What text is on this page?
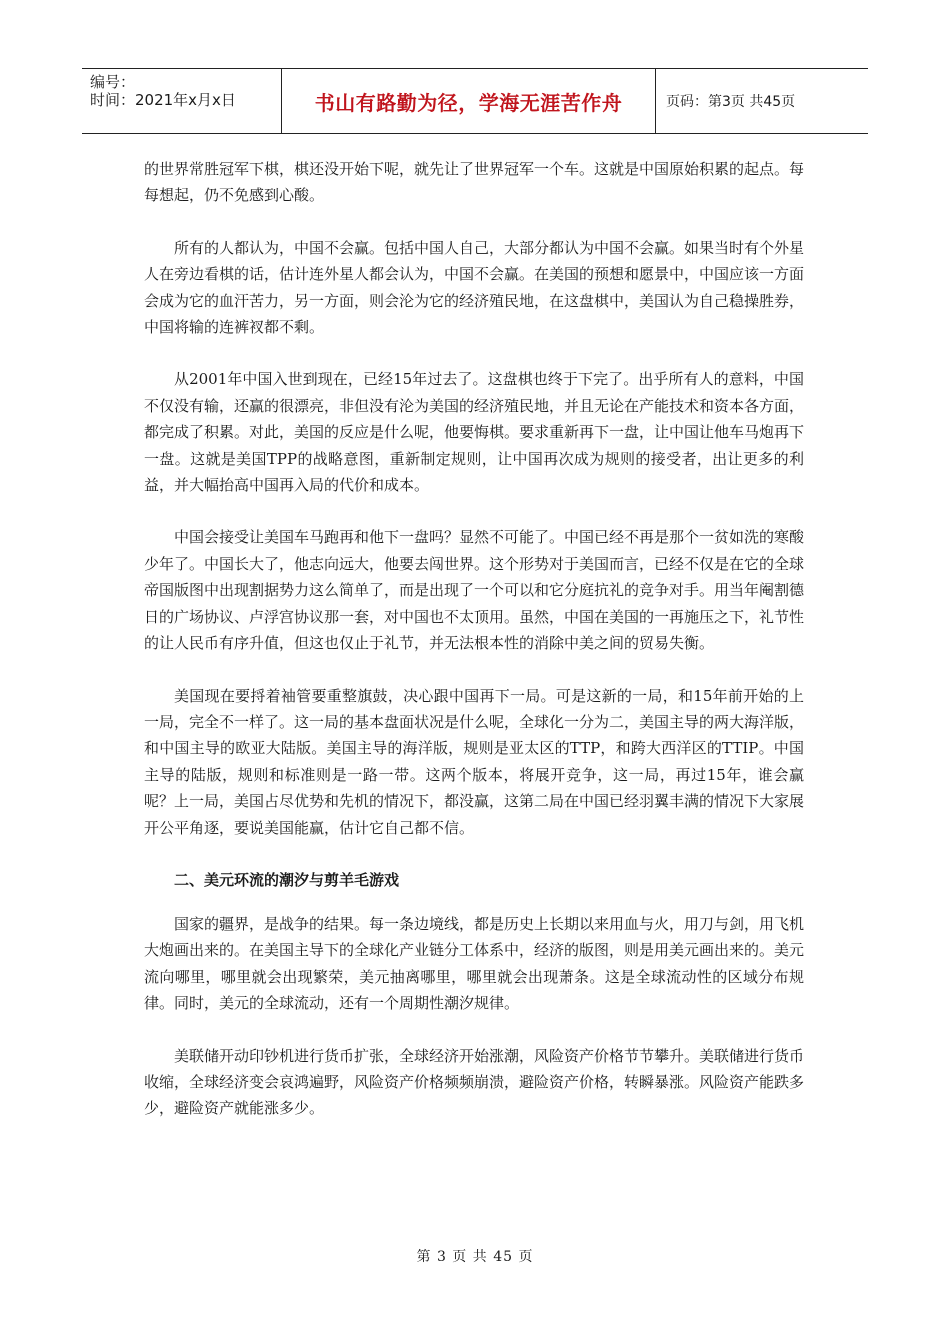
编号：
时间：2021年x月x日	书山有路勤为径，学海无涯苦作舟	页码：第3页 共45页

的世界常胜冠军下棋，棋还没开始下呢，就先让了世界冠军一个车。这就是中国原始积累的起点。每每想起，仍不免感到心酸。

所有的人都认为，中国不会赢。包括中国人自己，大部分都认为中国不会赢。如果当时有个外星人在旁边看棋的话，估计连外星人都会认为，中国不会赢。在美国的预想和愿景中，中国应该一方面会成为它的血汗苦力，另一方面，则会沦为它的经济殖民地，在这盘棋中，美国认为自己稳操胜券，中国将输的连裤衩都不剩。

从2001年中国入世到现在，已经15年过去了。这盘棋也终于下完了。出乎所有人的意料，中国不仅没有输，还赢的很漂亮，非但没有沦为美国的经济殖民地，并且无论在产能技术和资本各方面，都完成了积累。对此，美国的反应是什么呢，他要悔棋。要求重新再下一盘，让中国让他车马炮再下一盘。这就是美国TPP的战略意图，重新制定规则，让中国再次成为规则的接受者，出让更多的利益，并大幅抬高中国再入局的代价和成本。

中国会接受让美国车马跑再和他下一盘吗？显然不可能了。中国已经不再是那个一贫如洗的寒酸少年了。中国长大了，他志向远大，他要去闯世界。这个形势对于美国而言，已经不仅是在它的全球帝国版图中出现割据势力这么简单了，而是出现了一个可以和它分庭抗礼的竞争对手。用当年阉割德日的广场协议、卢浮宫协议那一套，对中国也不太顶用。虽然，中国在美国的一再施压之下，礼节性的让人民币有序升值，但这也仅止于礼节，并无法根本性的消除中美之间的贸易失衡。

美国现在要捋着袖管要重整旗鼓，决心跟中国再下一局。可是这新的一局，和15年前开始的上一局，完全不一样了。这一局的基本盘面状况是什么呢，全球化一分为二，美国主导的两大海洋版，和中国主导的欧亚大陆版。美国主导的海洋版，规则是亚太区的TTP，和跨大西洋区的TTIP。中国主导的陆版，规则和标准则是一路一带。这两个版本，将展开竞争，这一局，再过15年，谁会赢呢？上一局，美国占尽优势和先机的情况下，都没赢，这第二局在中国已经羽翼丰满的情况下大家展开公平角逐，要说美国能赢，估计它自己都不信。

二、美元环流的潮汐与剪羊毛游戏

国家的疆界，是战争的结果。每一条边境线，都是历史上长期以来用血与火，用刀与剑，用飞机大炮画出来的。在美国主导下的全球化产业链分工体系中，经济的版图，则是用美元画出来的。美元流向哪里，哪里就会出现繁荣，美元抽离哪里，哪里就会出现萧条。这是全球流动性的区域分布规律。同时，美元的全球流动，还有一个周期性潮汐规律。

美联储开动印钞机进行货币扩张，全球经济开始涨潮，风险资产价格节节攀升。美联储进行货币收缩，全球经济变会哀鸿遍野，风险资产价格频频崩溃，避险资产价格，转瞬暴涨。风险资产能跌多少，避险资产就能涨多少。

第 3 页 共 45 页
